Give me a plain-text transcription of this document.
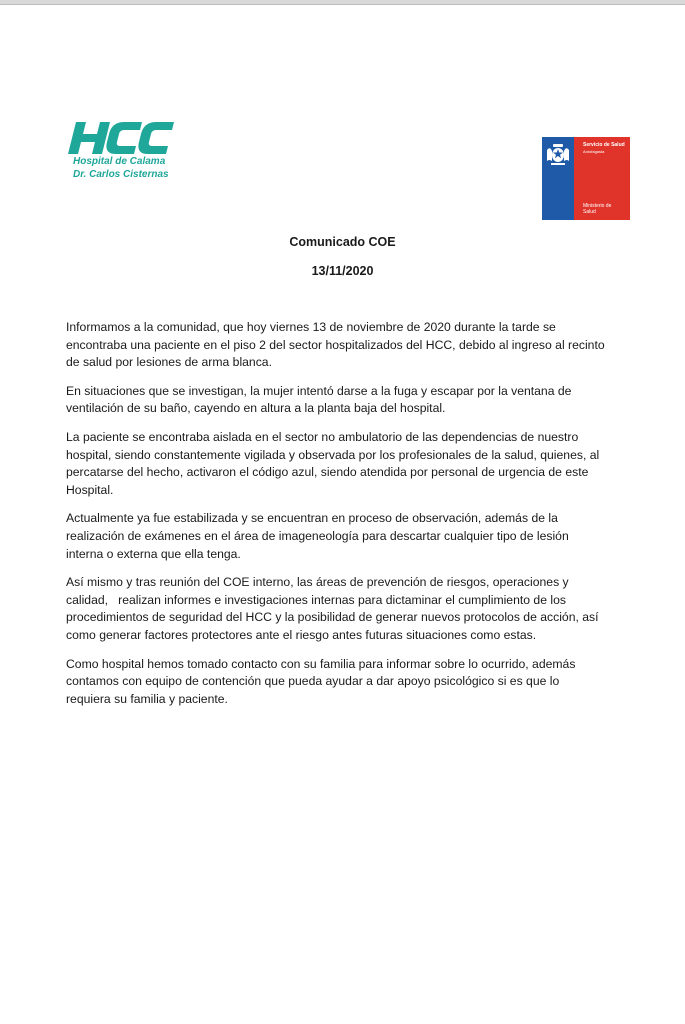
Hospital de Calama
Dr. Carlos Cisternas
Servicio de Salud
Antofagasta
Ministerio de
Salud
Comunicado COE
13/11/2020

Informamos a la comunidad, que hoy viernes 13 de noviembre de 2020 durante la tarde se
encontraba una paciente en el piso 2 del sector hospitalizados del HCC, debido al ingreso al recinto
de salud por lesiones de arma blanca.

En situaciones que se investigan, la mujer intentó darse a la fuga y escapar por la ventana de
ventilación de su baño, cayendo en altura a la planta baja del hospital.

La paciente se encontraba aislada en el sector no ambulatorio de las dependencias de nuestro
hospital, siendo constantemente vigilada y observada por los profesionales de la salud, quienes, al
percatarse del hecho, activaron el código azul, siendo atendida por personal de urgencia de este
Hospital.

Actualmente ya fue estabilizada y se encuentran en proceso de observación, además de la
realización de exámenes en el área de imageneología para descartar cualquier tipo de lesión
interna o externa que ella tenga.

Así mismo y tras reunión del COE interno, las áreas de prevención de riesgos, operaciones y
calidad,   realizan informes e investigaciones internas para dictaminar el cumplimiento de los
procedimientos de seguridad del HCC y la posibilidad de generar nuevos protocolos de acción, así
como generar factores protectores ante el riesgo antes futuras situaciones como estas.

Como hospital hemos tomado contacto con su familia para informar sobre lo ocurrido, además
contamos con equipo de contención que pueda ayudar a dar apoyo psicológico si es que lo
requiera su familia y paciente.
